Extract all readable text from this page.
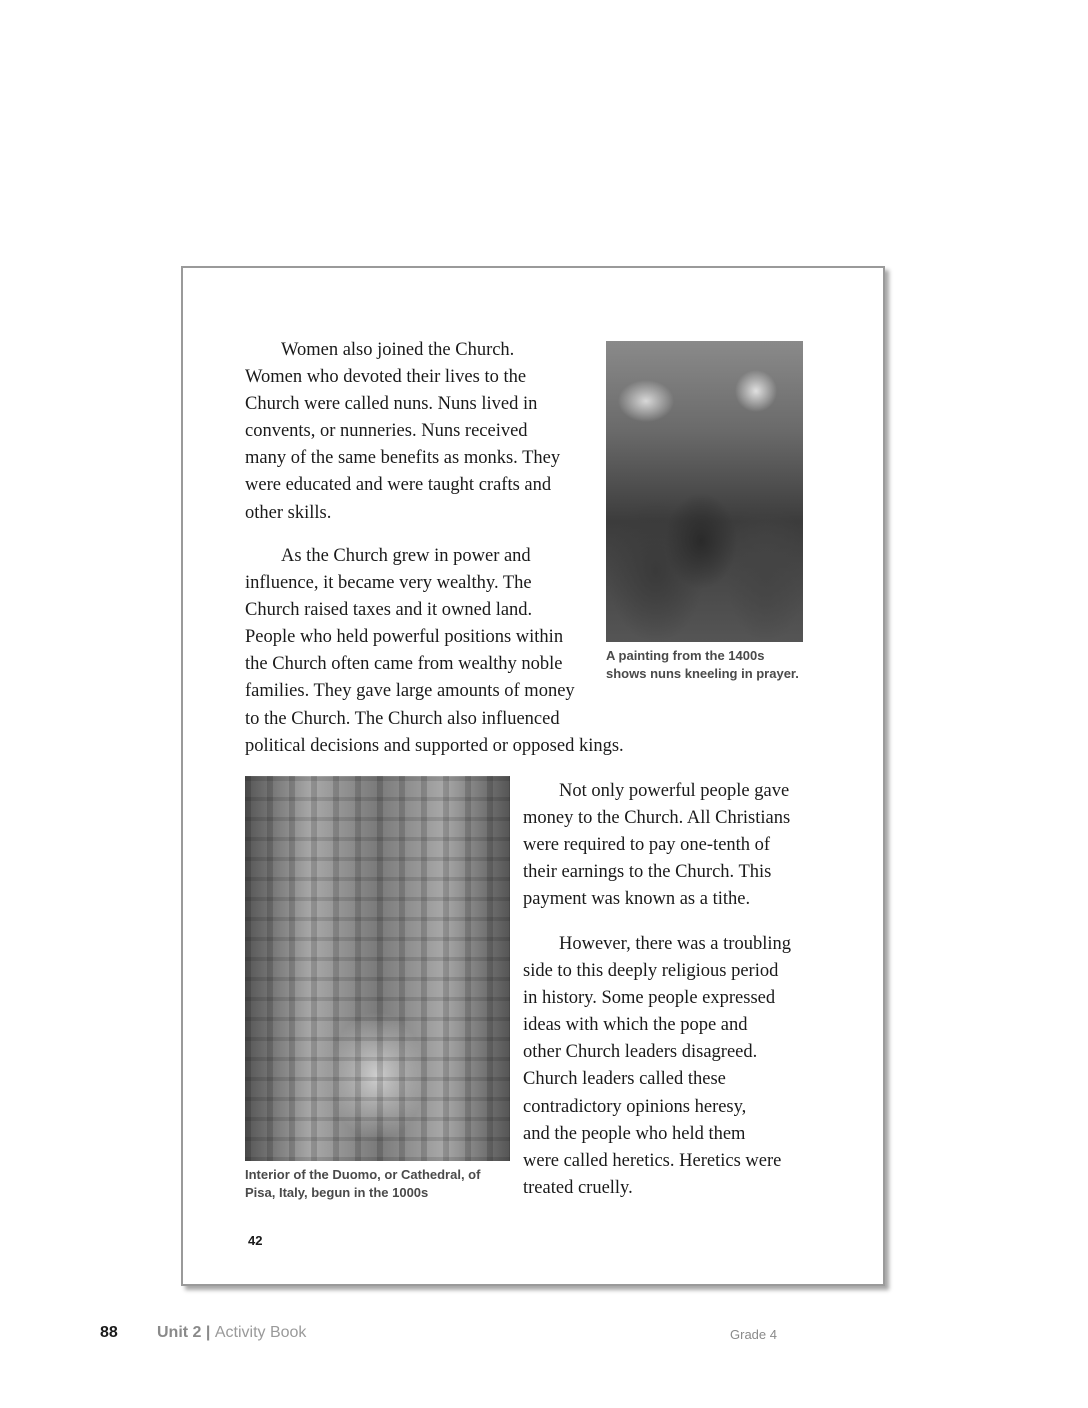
Women also joined the Church.
Women who devoted their lives to the
Church were called nuns. Nuns lived in
convents, or nunneries. Nuns received
many of the same benefits as monks. They
were educated and were taught crafts and
other skills.
As the Church grew in power and
influence, it became very wealthy. The
Church raised taxes and it owned land.
People who held powerful positions within
the Church often came from wealthy noble
families. They gave large amounts of money
to the Church. The Church also influenced
political decisions and supported or opposed kings.
A painting from the 1400s
shows nuns kneeling in prayer.
Interior of the Duomo, or Cathedral, of
Pisa, Italy, begun in the 1000s
Not only powerful people gave
money to the Church. All Christians
were required to pay one-tenth of
their earnings to the Church. This
payment was known as a tithe.
However, there was a troubling
side to this deeply religious period
in history. Some people expressed
ideas with which the pope and
other Church leaders disagreed.
Church leaders called these
contradictory opinions heresy,
and the people who held them
were called heretics. Heretics were
treated cruelly.
42
88 Unit 2 | Activity Book	Grade 4
